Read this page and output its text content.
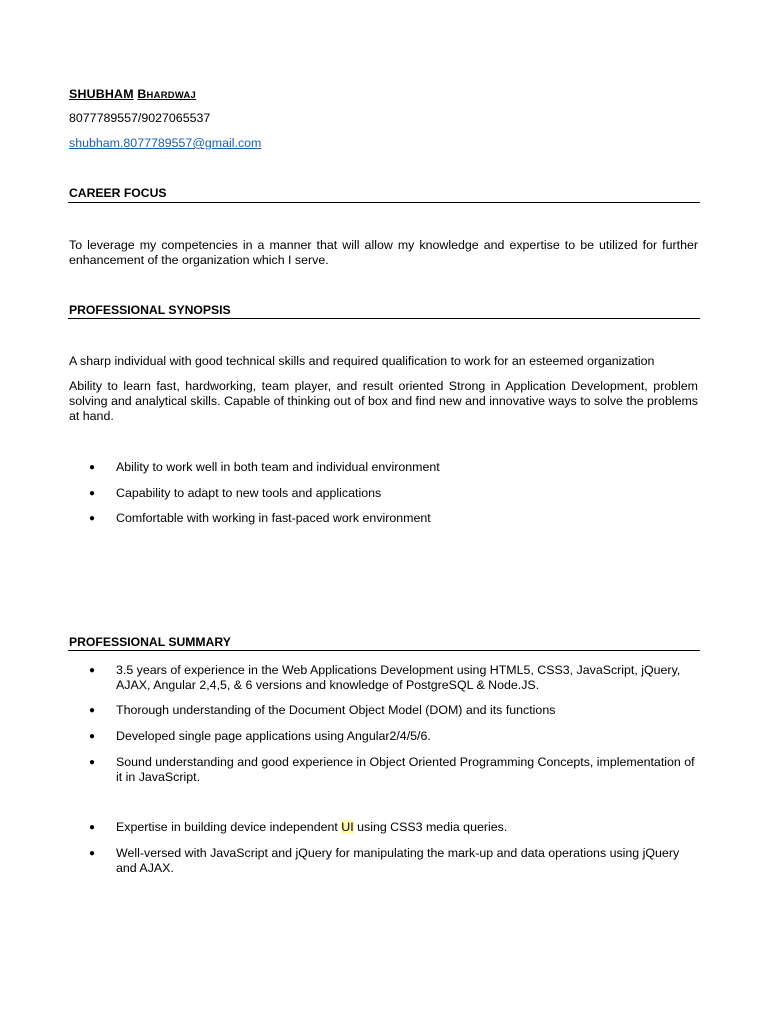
SHUBHAM BHARDWAJ
8077789557/9027065537
shubham.8077789557@gmail.com
CAREER FOCUS
To leverage my competencies in a manner that will allow my knowledge and expertise to be utilized for further enhancement of the organization which I serve.
PROFESSIONAL SYNOPSIS
A sharp individual with good technical skills and required qualification to work for an esteemed organization
Ability to learn fast, hardworking, team player, and result oriented Strong in Application Development, problem solving and analytical skills. Capable of thinking out of box and find new and innovative ways to solve the problems at hand.
● Ability to work well in both team and individual environment
● Capability to adapt to new tools and applications
● Comfortable with working in fast-paced work environment
PROFESSIONAL SUMMARY
● 3.5 years of experience in the Web Applications Development using HTML5, CSS3, JavaScript, jQuery, AJAX, Angular 2,4,5, & 6 versions and knowledge of PostgreSQL & Node.JS.
● Thorough understanding of the Document Object Model (DOM) and its functions
● Developed single page applications using Angular2/4/5/6.
● Sound understanding and good experience in Object Oriented Programming Concepts, implementation of it in JavaScript.
● Expertise in building device independent UI using CSS3 media queries.
● Well-versed with JavaScript and jQuery for manipulating the mark-up and data operations using jQuery and AJAX.
